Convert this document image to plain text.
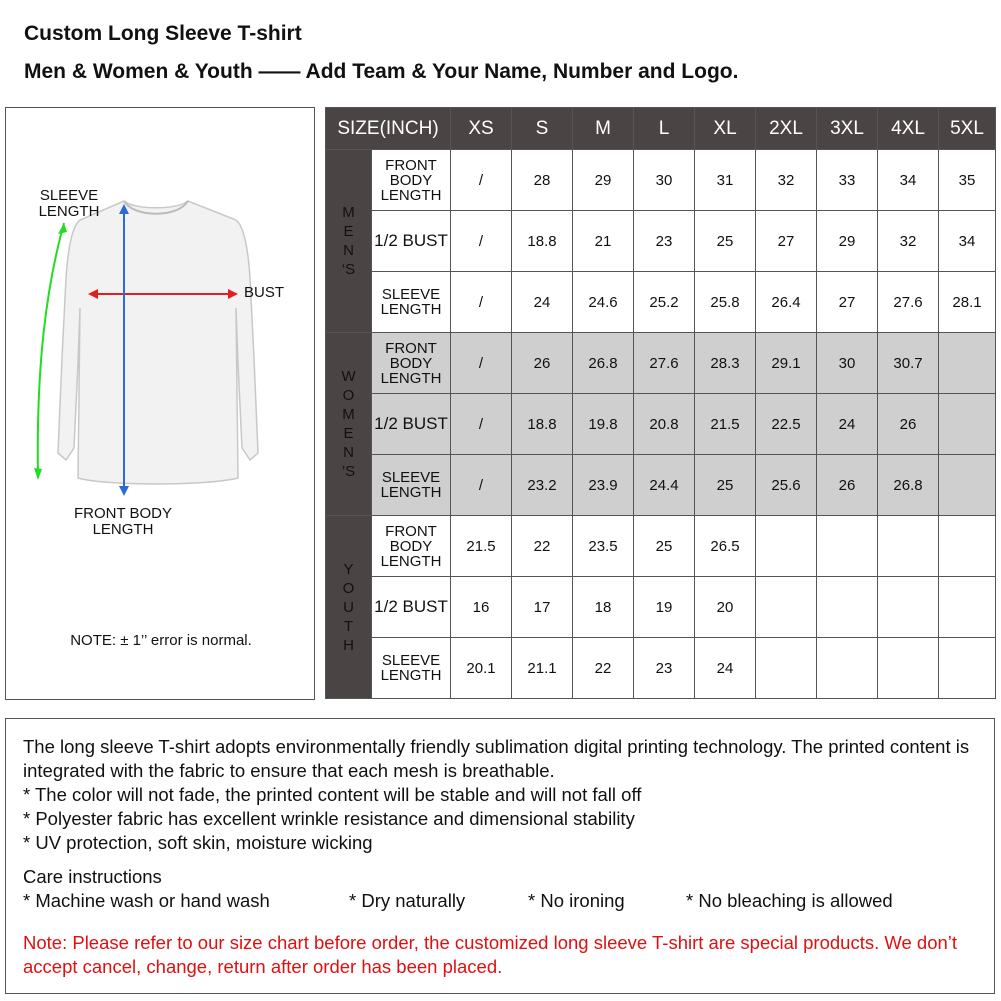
Custom Long Sleeve T-shirt
Men & Women & Youth —— Add Team & Your Name, Number and Logo.
SLEEVE LENGTH
BUST
FRONT BODY LENGTH
NOTE: ± 1’’ error is normal.
SIZE(INCH)		XS	S	M	L	XL	2XL	3XL	4XL	5XL
MEN‘S	FRONT BODY LENGTH	/	28	29	30	31	32	33	34	35
	1/2 BUST	/	18.8	21	23	25	27	29	32	34
	SLEEVE LENGTH	/	24	24.6	25.2	25.8	26.4	27	27.6	28.1
WOMEN’S	FRONT BODY LENGTH	/	26	26.8	27.6	28.3	29.1	30	30.7	
	1/2 BUST	/	18.8	19.8	20.8	21.5	22.5	24	26	
	SLEEVE LENGTH	/	23.2	23.9	24.4	25	25.6	26	26.8	
YOUTH	FRONT BODY LENGTH	21.5	22	23.5	25	26.5				
	1/2 BUST	16	17	18	19	20				
	SLEEVE LENGTH	20.1	21.1	22	23	24				

The long sleeve T-shirt adopts environmentally friendly sublimation digital printing technology. The printed content is integrated with the fabric to ensure that each mesh is breathable.

* The color will not fade, the printed content will be stable and will not fall off

* Polyester fabric has excellent wrinkle resistance and dimensional stability

* UV protection, soft skin, moisture wicking

Care instructions

* Machine wash or hand wash	* Dry naturally	* No ironing	* No bleaching is allowed

Note: Please refer to our size chart before order, the customized long sleeve T-shirt are special products. We don’t accept cancel, change, return after order has been placed.
